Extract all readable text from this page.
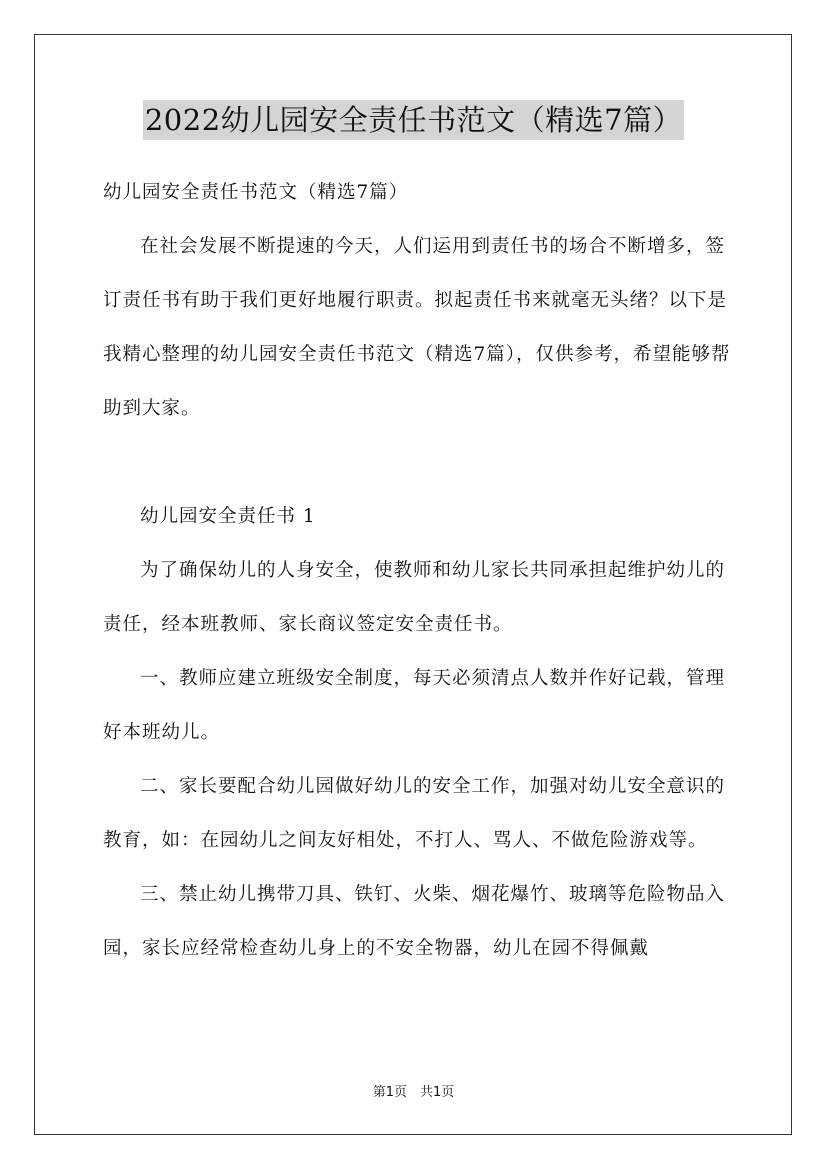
2022幼儿园安全责任书范文（精选7篇）

幼儿园安全责任书范文（精选7篇）

在社会发展不断提速的今天，人们运用到责任书的场合不断增多，签订责任书有助于我们更好地履行职责。拟起责任书来就毫无头绪？以下是我精心整理的幼儿园安全责任书范文（精选7篇），仅供参考，希望能够帮助到大家。

幼儿园安全责任书 1

为了确保幼儿的人身安全，使教师和幼儿家长共同承担起维护幼儿的责任，经本班教师、家长商议签定安全责任书。

一、教师应建立班级安全制度，每天必须清点人数并作好记载，管理好本班幼儿。

二、家长要配合幼儿园做好幼儿的安全工作，加强对幼儿安全意识的教育，如：在园幼儿之间友好相处，不打人、骂人、不做危险游戏等。

三、禁止幼儿携带刀具、铁钉、火柴、烟花爆竹、玻璃等危险物品入园，家长应经常检查幼儿身上的不安全物器，幼儿在园不得佩戴

第1页　共1页
